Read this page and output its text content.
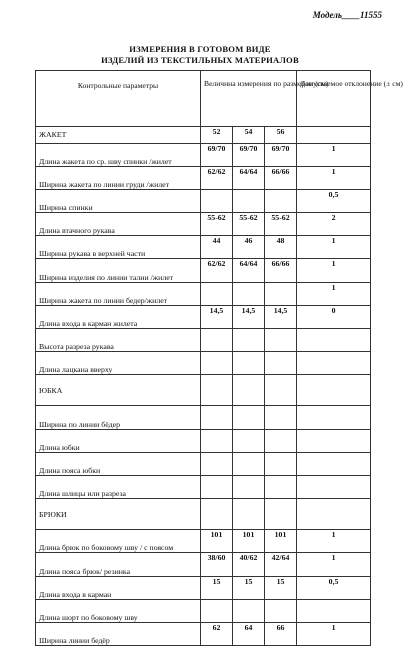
Модель____11555
ИЗМЕРЕНИЯ В ГОТОВОМ ВИДЕ
ИЗДЕЛИЙ ИЗ ТЕКСТИЛЬНЫХ МАТЕРИАЛОВ
Контрольные параметры	Величина измерения по размерам (см)			Допускаемое отклонение (± см)
ЖАКЕТ	52	54	56	
Длина жакета по ср. шву спинки /жилет	69/70	69/70	69/70	1
Ширина жакета по линии груди /жилет	62/62	64/64	66/66	1
Ширина спинки				0,5
Длина втачного рукава	55-62	55-62	55-62	2
Ширина рукава в верхней части	44	46	48	1
Ширина изделия по линии талии /жилет	62/62	64/64	66/66	1
Ширина жакета по линии бедер/жилет				1
Длина входа в карман жилета	14,5	14,5	14,5	0
Высота разреза рукава				
Длина лацкана вверху				
ЮБКА				
Ширина по линии бёдер				
Длина юбки				
Длина пояса юбки				
Длина шлицы или разреза				
БРЮКИ				
Длина брюк по боковому шву / с поясом	101	101	101	1
Длина пояса брюк/ резинка	38/60	40/62	42/64	1
Длина входа в карман	15	15	15	0,5
Длина шорт по боковому шву				
Ширина линии бедёр	62	64	66	1
